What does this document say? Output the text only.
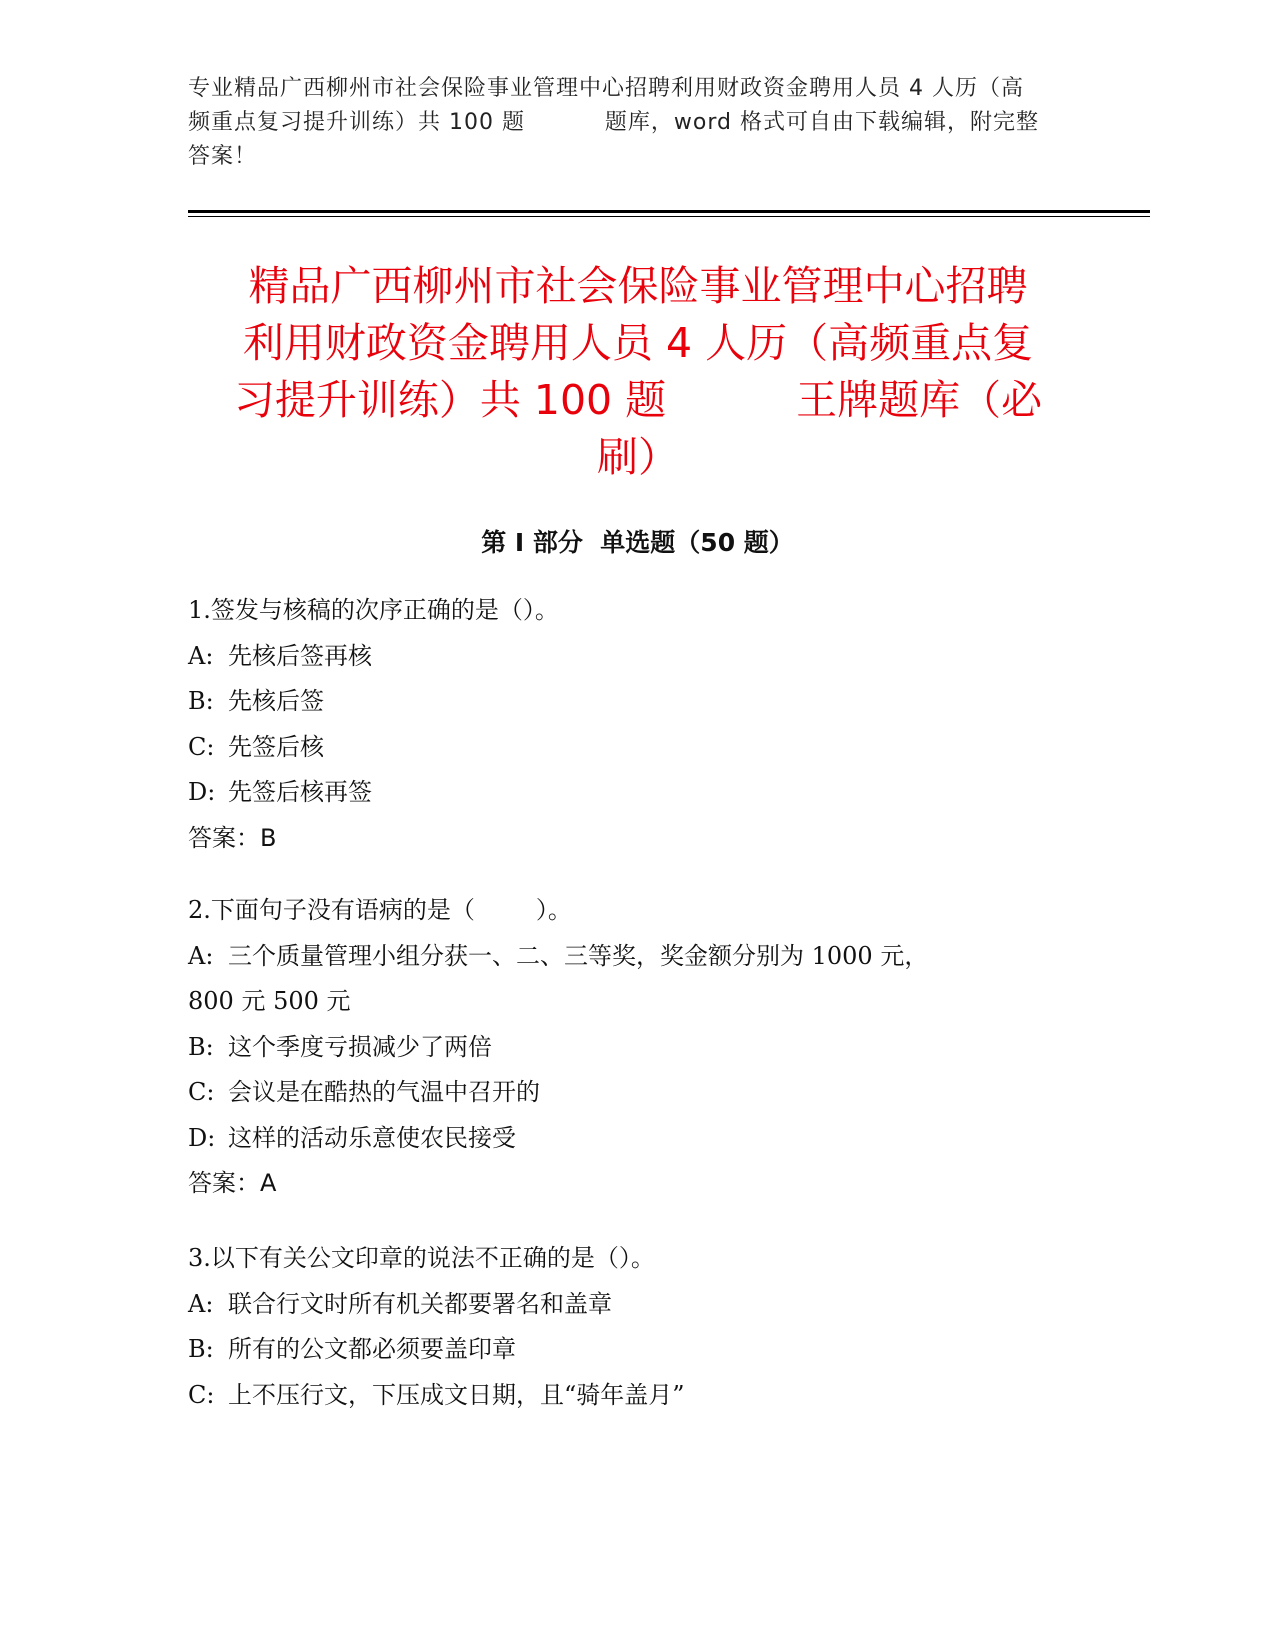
专业精品广西柳州市社会保险事业管理中心招聘利用财政资金聘用人员 4 人历（高
频重点复习提升训练）共 100 题          题库，word 格式可自由下载编辑，附完整
答案！
精品广西柳州市社会保险事业管理中心招聘
利用财政资金聘用人员 4 人历（高频重点复
习提升训练）共 100 题	王牌题库（必
刷）
第 I 部分  单选题（50 题）
1.签发与核稿的次序正确的是（）。
A: 先核后签再核
B: 先核后签
C: 先签后核
D: 先签后核再签
答案：B
2.下面句子没有语病的是（        ）。
A: 三个质量管理小组分获一、二、三等奖，奖金额分别为 1000 元，
800 元 500 元
B: 这个季度亏损减少了两倍
C: 会议是在酷热的气温中召开的
D: 这样的活动乐意使农民接受
答案：A
3.以下有关公文印章的说法不正确的是（）。
A: 联合行文时所有机关都要署名和盖章
B: 所有的公文都必须要盖印章
C: 上不压行文，下压成文日期，且“骑年盖月”
